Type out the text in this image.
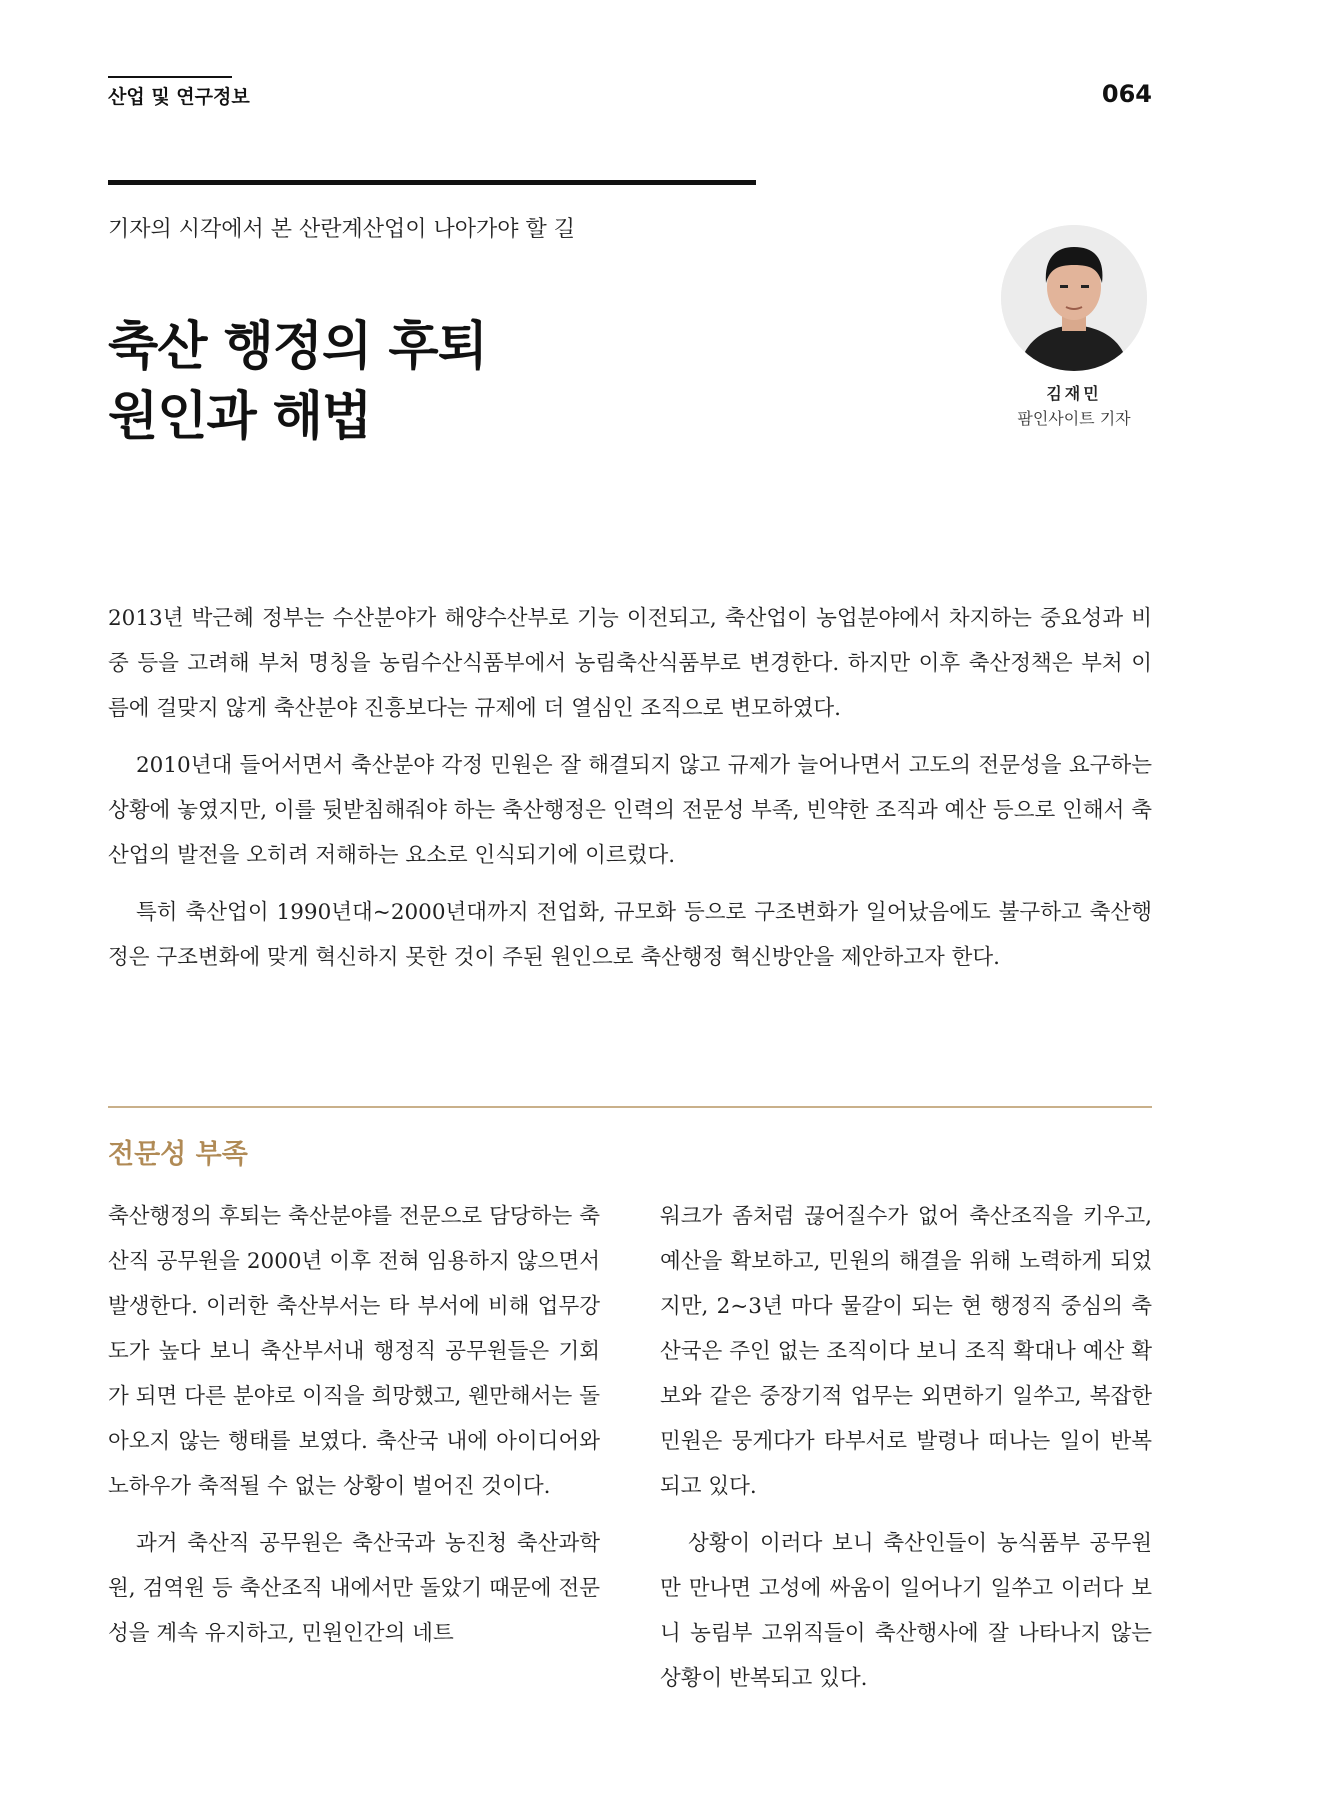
산업 및 연구정보	064
기자의 시각에서 본 산란계산업이 나아가야 할 길
축산 행정의 후퇴
원인과 해법	김재민
팜인사이트 기자

2013년 박근혜 정부는 수산분야가 해양수산부로 기능 이전되고, 축산업이 농업분야에서 차지하는 중요성과 비중 등을 고려해 부처 명칭을 농림수산식품부에서 농림축산식품부로 변경한다. 하지만 이후 축산정책은 부처 이름에 걸맞지 않게 축산분야 진흥보다는 규제에 더 열심인 조직으로 변모하였다.

2010년대 들어서면서 축산분야 각정 민원은 잘 해결되지 않고 규제가 늘어나면서 고도의 전문성을 요구하는 상황에 놓였지만, 이를 뒷받침해줘야 하는 축산행정은 인력의 전문성 부족, 빈약한 조직과 예산 등으로 인해서 축산업의 발전을 오히려 저해하는 요소로 인식되기에 이르렀다.

특히 축산업이 1990년대~2000년대까지 전업화, 규모화 등으로 구조변화가 일어났음에도 불구하고 축산행정은 구조변화에 맞게 혁신하지 못한 것이 주된 원인으로 축산행정 혁신방안을 제안하고자 한다.

전문성 부족

축산행정의 후퇴는 축산분야를 전문으로 담당하는 축산직 공무원을 2000년 이후 전혀 임용하지 않으면서 발생한다. 이러한 축산부서는 타 부서에 비해 업무강도가 높다 보니 축산부서내 행정직 공무원들은 기회가 되면 다른 분야로 이직을 희망했고, 웬만해서는 돌아오지 않는 행태를 보였다. 축산국 내에 아이디어와 노하우가 축적될 수 없는 상황이 벌어진 것이다.

과거 축산직 공무원은 축산국과 농진청 축산과학원, 검역원 등 축산조직 내에서만 돌았기 때문에 전문성을 계속 유지하고, 민원인간의 네트

워크가 좀처럼 끊어질수가 없어 축산조직을 키우고, 예산을 확보하고, 민원의 해결을 위해 노력하게 되었지만, 2~3년 마다 물갈이 되는 현 행정직 중심의 축산국은 주인 없는 조직이다 보니 조직 확대나 예산 확보와 같은 중장기적 업무는 외면하기 일쑤고, 복잡한 민원은 뭉게다가 타부서로 발령나 떠나는 일이 반복되고 있다.

상황이 이러다 보니 축산인들이 농식품부 공무원만 만나면 고성에 싸움이 일어나기 일쑤고 이러다 보니 농림부 고위직들이 축산행사에 잘 나타나지 않는 상황이 반복되고 있다.
